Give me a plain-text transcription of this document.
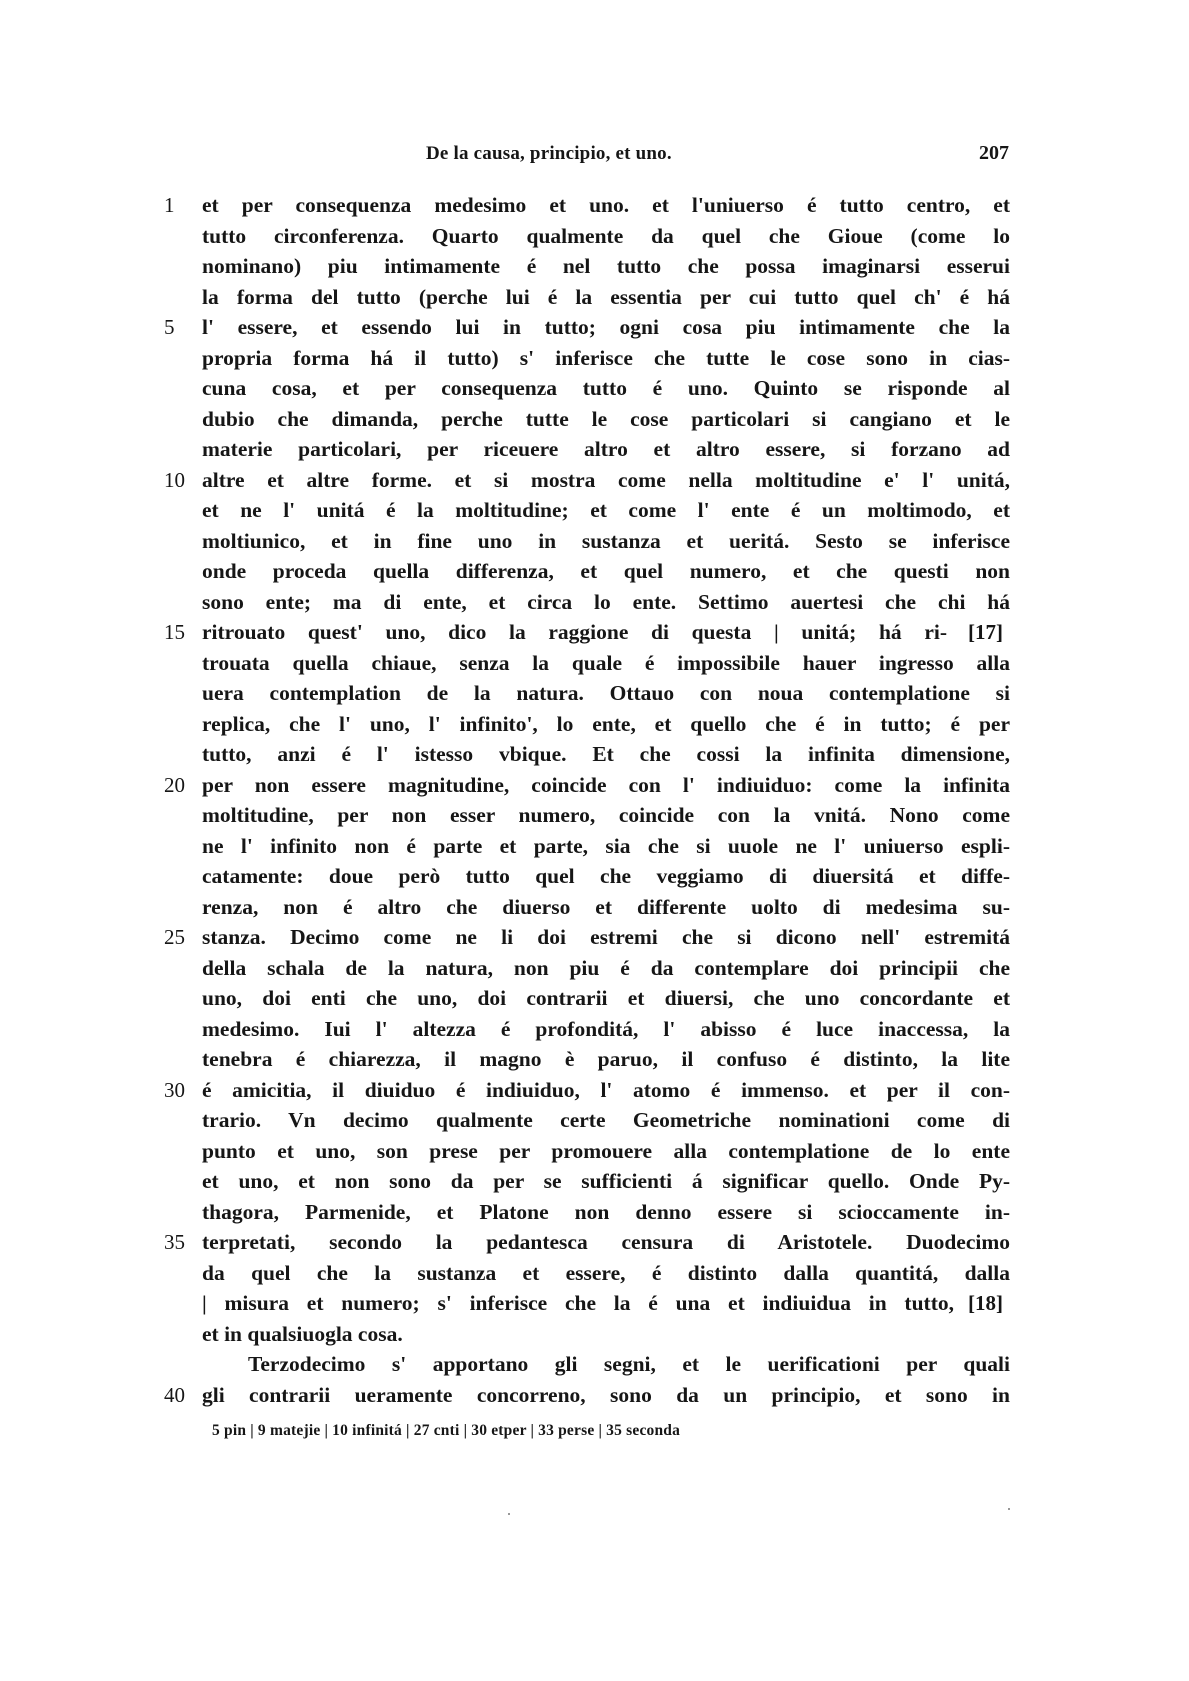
De la causa, principio, et uno.	207
1	et per consequenza medesimo et uno. et l'uniuerso é tutto centro, et
tutto circonferenza. Quarto qualmente da quel che Gioue (come lo
nominano) piu intimamente é nel tutto che possa imaginarsi esserui
la forma del tutto (perche lui é la essentia per cui tutto quel ch' é há
5	l' essere, et essendo lui in tutto; ogni cosa piu intimamente che la
propria forma há il tutto) s' inferisce che tutte le cose sono in cias-
cuna cosa, et per consequenza tutto é uno. Quinto se risponde al
dubio che dimanda, perche tutte le cose particolari si cangiano et le
materie particolari, per riceuere altro et altro essere, si forzano ad
10 altre et altre forme. et si mostra come nella moltitudine e' l' unitá,
et ne l' unitá é la moltitudine; et come l' ente é un moltimodo, et
moltiunico, et in fine uno in sustanza et ueritá. Sesto se inferisce
onde proceda quella differenza, et quel numero, et che questi non
sono ente; ma di ente, et circa lo ente. Settimo auertesi che chi há
15 ritrouato quest' uno, dico la raggione di questa | unitá; há ri- [17]
trouata quella chiaue, senza la quale é impossibile hauer ingresso alla
uera contemplation de la natura. Ottauo con noua contemplatione si
replica, che l' uno, l' infinito', lo ente, et quello che é in tutto; é per
tutto, anzi é l' istesso vbique. Et che cossi la infinita dimensione,
20 per non essere magnitudine, coincide con l' indiuiduo: come la infinita
moltitudine, per non esser numero, coincide con la vnitá. Nono come
ne l' infinito non é parte et parte, sia che si uuole ne l' uniuerso espli-
catamente: doue però tutto quel che veggiamo di diuersitá et diffe-
renza, non é altro che diuerso et differente uolto di medesima su-
25 stanza. Decimo come ne li doi estremi che si dicono nell' estremitá
della schala de la natura, non piu é da contemplare doi principii che
uno, doi enti che uno, doi contrarii et diuersi, che uno concordante et
medesimo. Iui l' altezza é profonditá, l' abisso é luce inaccessa, la
tenebra é chiarezza, il magno è paruo, il confuso é distinto, la lite
30 é amicitia, il diuiduo é indiuiduo, l' atomo é immenso. et per il con-
trario. Vn decimo qualmente certe Geometriche nominationi come di
punto et uno, son prese per promouere alla contemplatione de lo ente
et uno, et non sono da per se sufficienti á significar quello. Onde Py-
thagora, Parmenide, et Platone non denno essere si scioccamente in-
35 terpretati, secondo la pedantesca censura di Aristotele. Duodecimo
da quel che la sustanza et essere, é distinto dalla quantitá, dalla
| misura et numero; s' inferisce che la é una et indiuidua in tutto, [18]
et in qualsiuogla cosa.
Terzodecimo s' apportano gli segni, et le uerificationi per quali
40 gli contrarii ueramente concorreno, sono da un principio, et sono in
5 pin | 9 matejie | 10 infinitá | 27 cnti | 30 etper | 33 perse | 35 seconda
